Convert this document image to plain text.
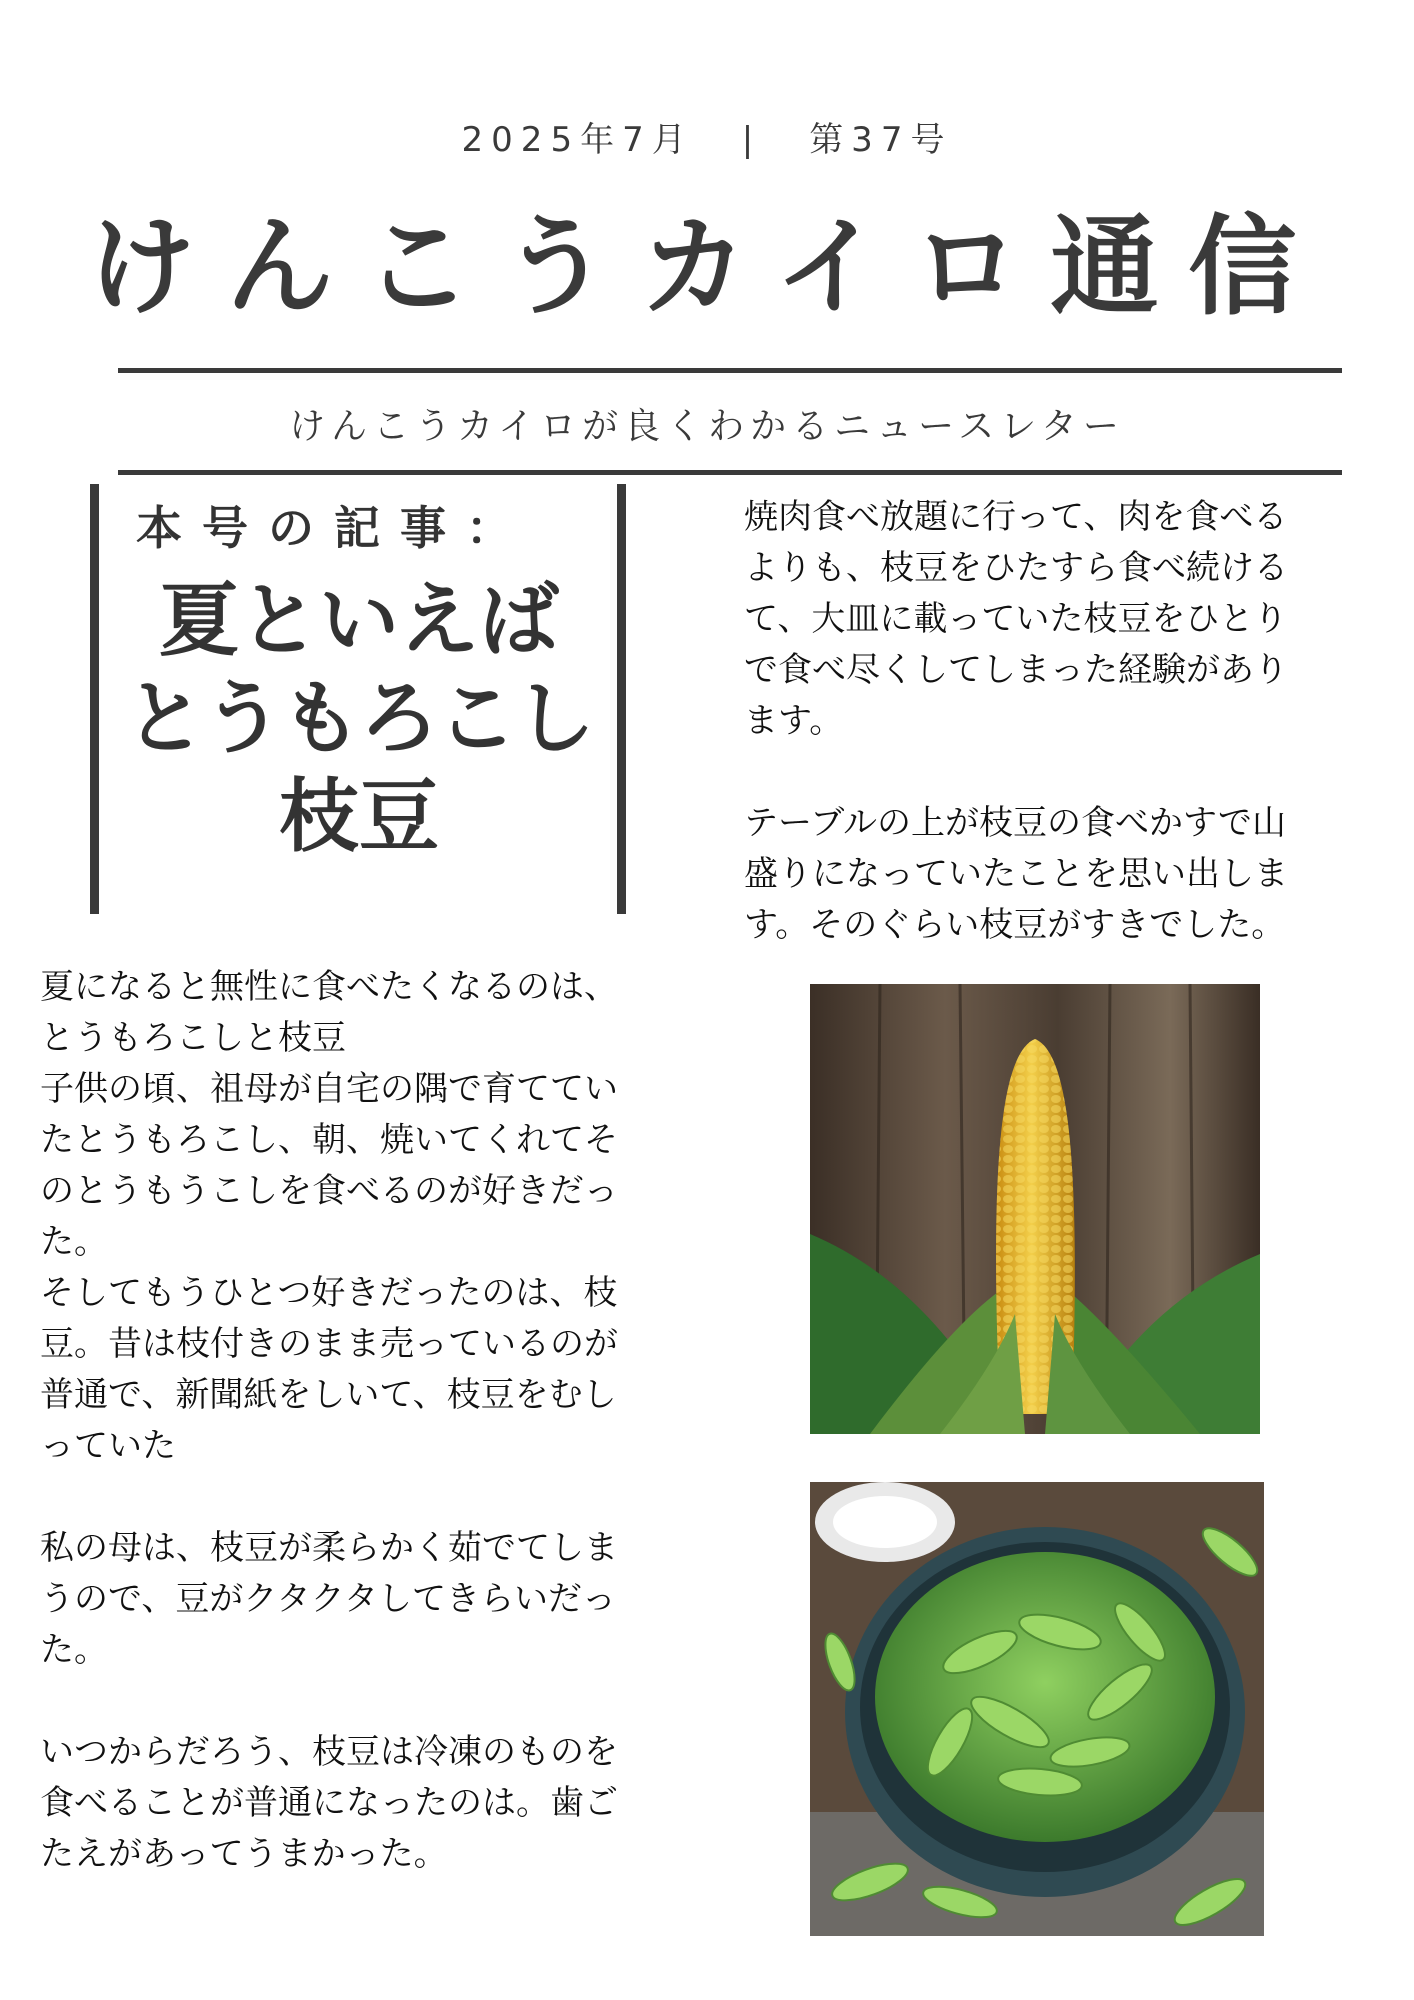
2025年7月 | 第37号
けんこうカイロ通信
けんこうカイロが良くわかるニュースレター
本号の記事：
夏といえば
とうもろこし
枝豆
焼肉食べ放題に行って、肉を食べる
よりも、枝豆をひたすら食べ続ける
て、大皿に載っていた枝豆をひとり
で食べ尽くしてしまった経験があり
ます。

テーブルの上が枝豆の食べかすで山
盛りになっていたことを思い出しま
す。そのぐらい枝豆がすきでした。
夏になると無性に食べたくなるのは、
とうもろこしと枝豆
子供の頃、祖母が自宅の隅で育ててい
たとうもろこし、朝、焼いてくれてそ
のとうもうこしを食べるのが好きだっ
た。
そしてもうひとつ好きだったのは、枝
豆。昔は枝付きのまま売っているのが
普通で、新聞紙をしいて、枝豆をむし
っていた

私の母は、枝豆が柔らかく茹でてしま
うので、豆がクタクタしてきらいだっ
た。

いつからだろう、枝豆は冷凍のものを
食べることが普通になったのは。歯ご
たえがあってうまかった。
